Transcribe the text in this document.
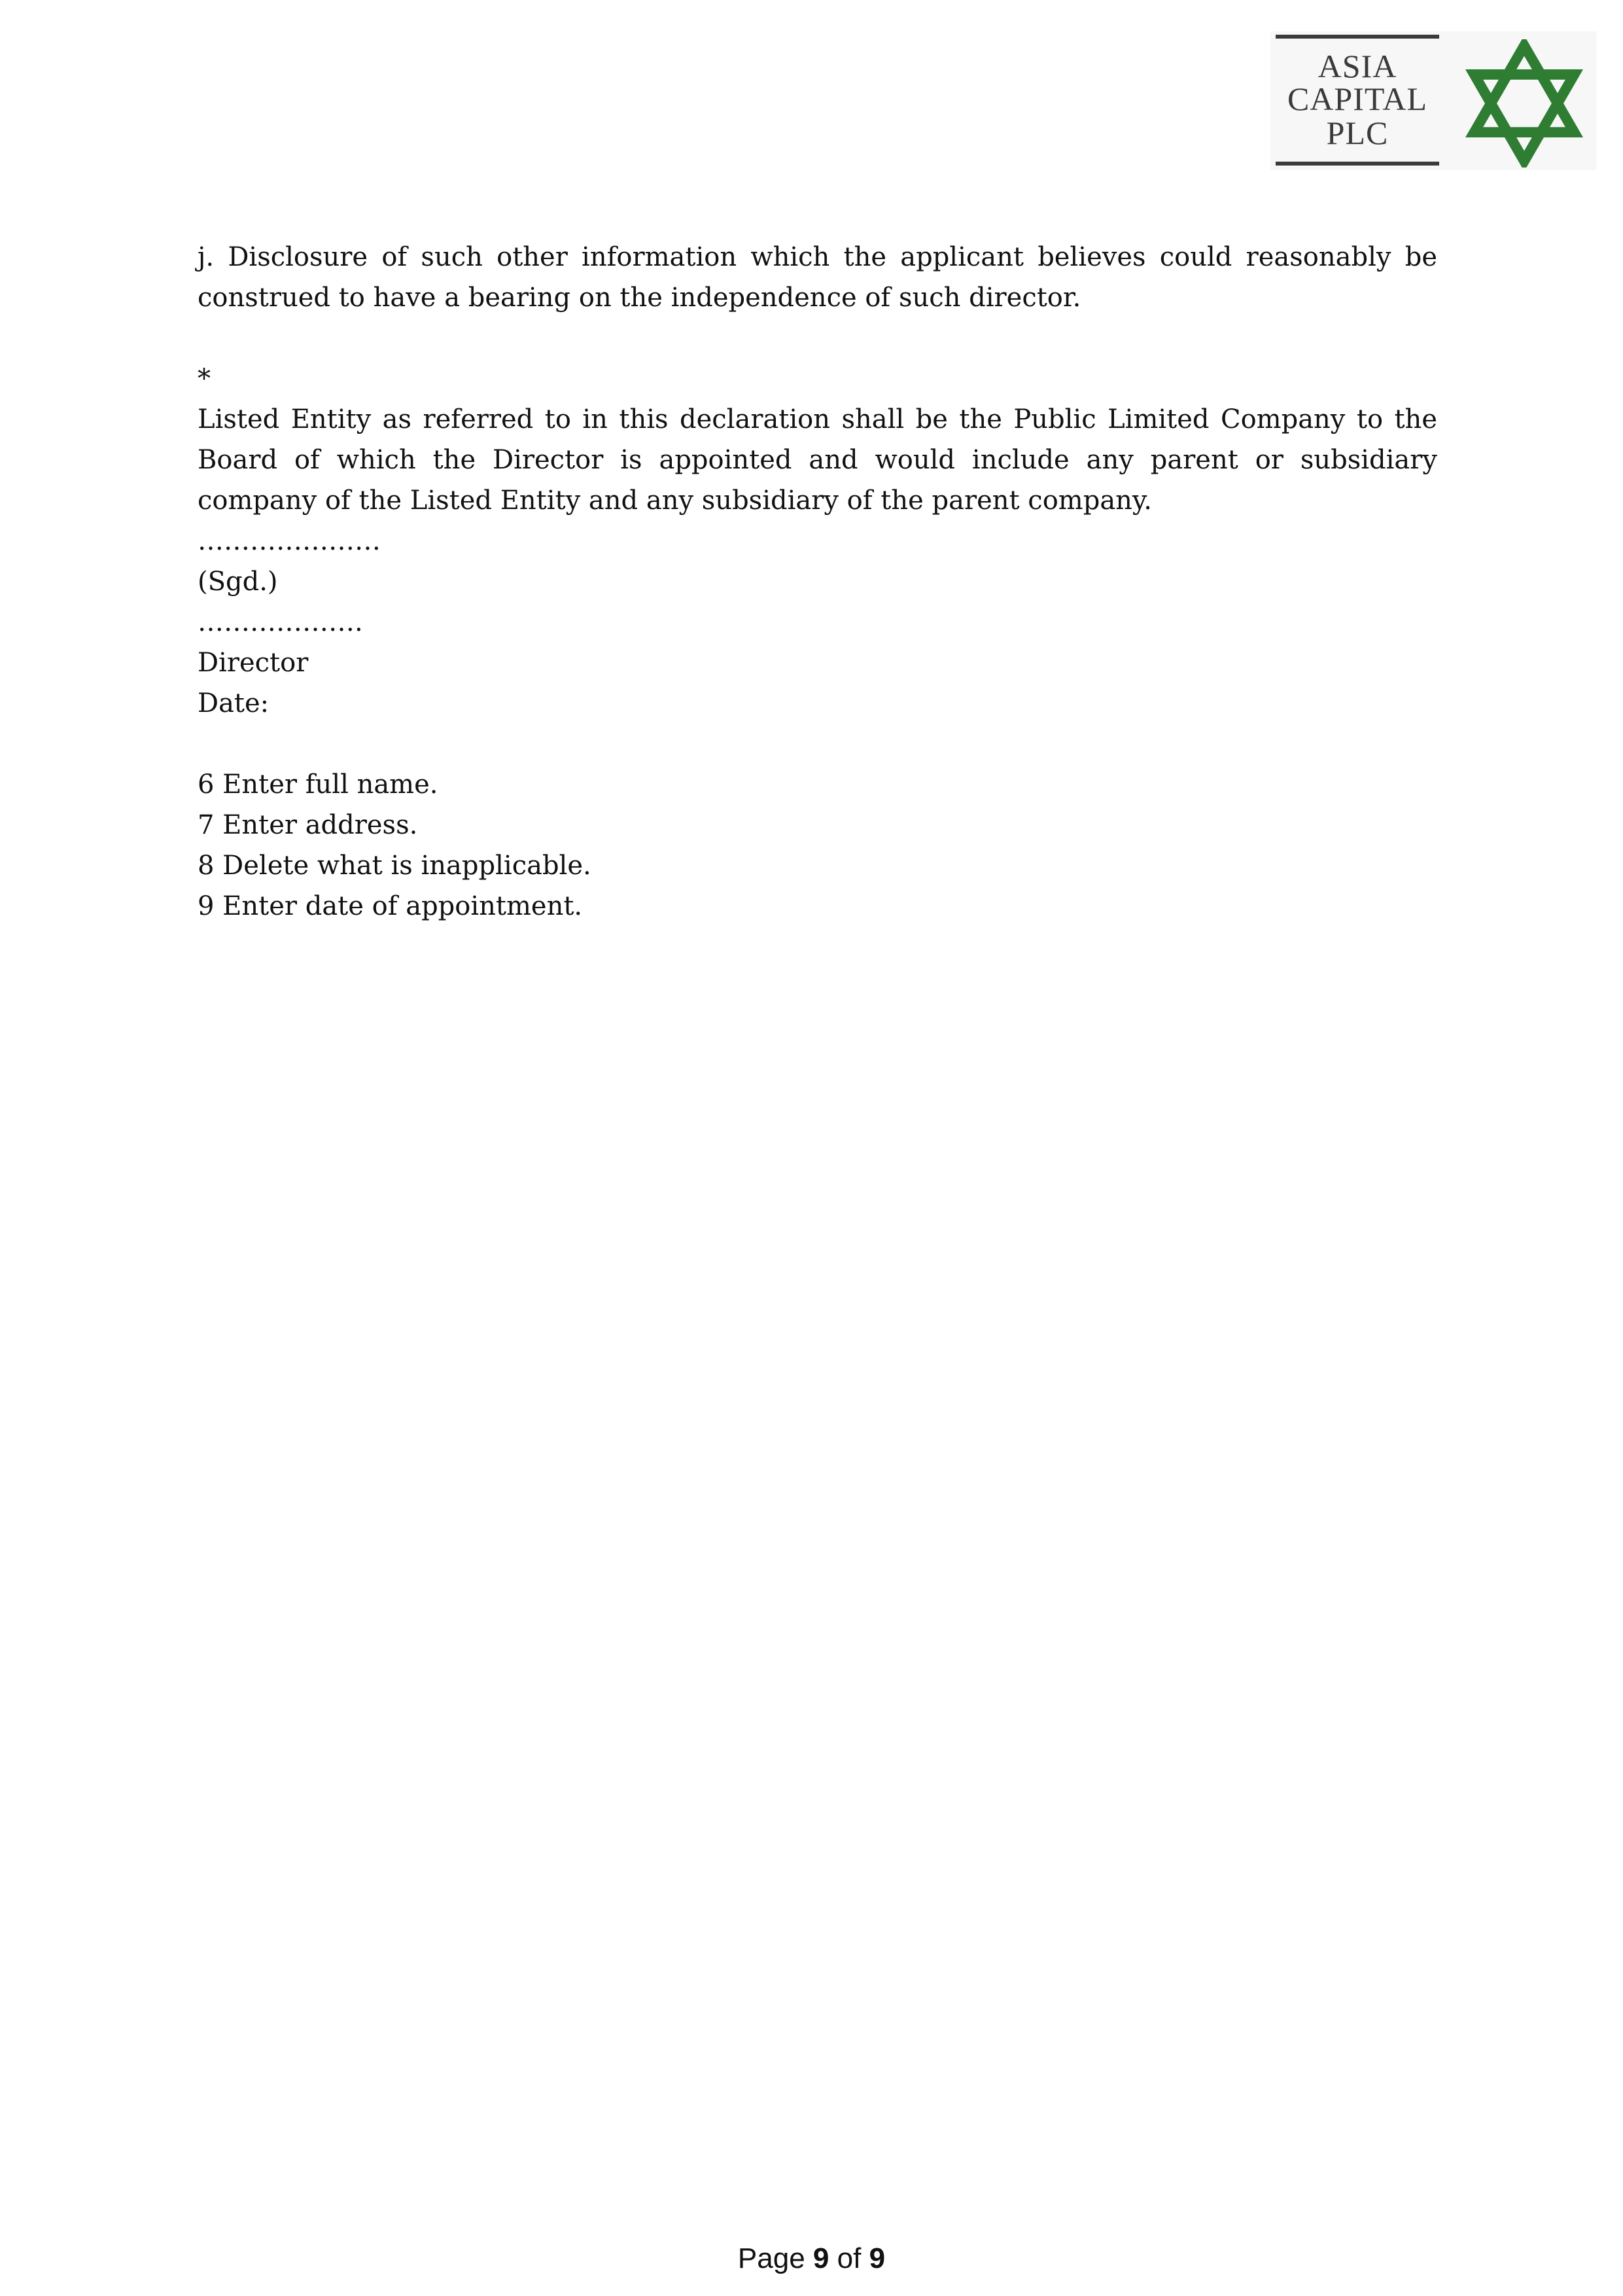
ASIA
CAPITAL
PLC

j. Disclosure of such other information which the applicant believes could reasonably be construed to have a bearing on the independence of such director.

*

Listed Entity as referred to in this declaration shall be the Public Limited Company to the Board of which the Director is appointed and would include any parent or subsidiary company of the Listed Entity and any subsidiary of the parent company.

…………………

(Sgd.)

……………….

Director

Date:

6 Enter full name.

7 Enter address.

8 Delete what is inapplicable.

9 Enter date of appointment.

Page 9 of 9
